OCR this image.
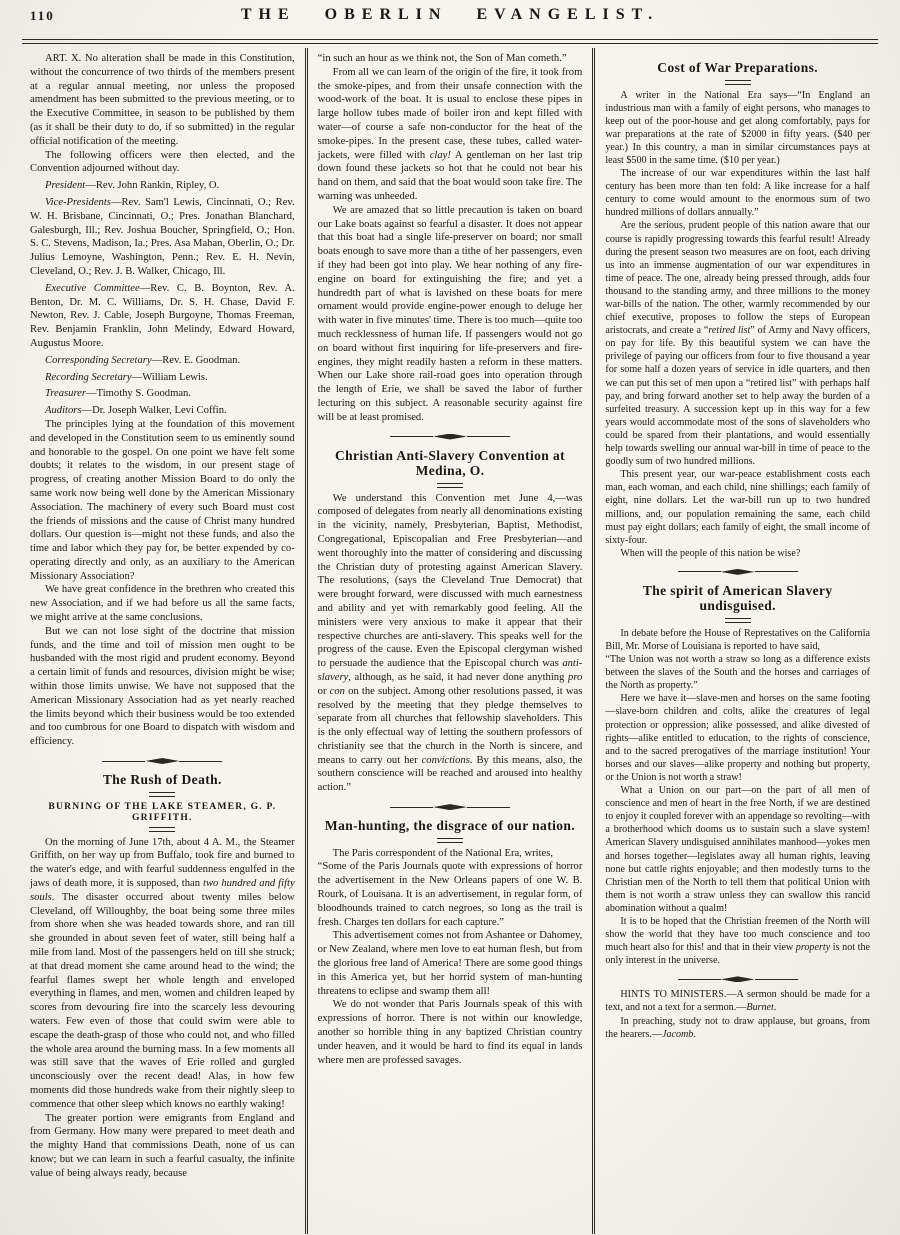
110	THE OBERLIN EVANGELIST.

ART. X. No alteration shall be made in this Constitution, without the concurrence of two thirds of the members present at a regular annual meeting, nor unless the proposed amendment has been submitted to the previous meeting, or to the Executive Committee, in season to be published by them (as it shall be their duty to do, if so submitted) in the regular official notification of the meeting.

The following officers were then elected, and the Convention adjourned without day.

President—Rev. John Rankin, Ripley, O.

Vice-Presidents—Rev. Sam'l Lewis, Cincinnati, O.; Rev. W. H. Brisbane, Cincinnati, O.; Pres. Jonathan Blanchard, Galesburgh, Ill.; Rev. Joshua Boucher, Springfield, O.; Hon. S. C. Stevens, Madison, Ia.; Pres. Asa Mahan, Oberlin, O.; Dr. Julius Lemoyne, Washington, Penn.; Rev. E. H. Nevin, Cleveland, O.; Rev. J. B. Walker, Chicago, Ill.

Executive Committee—Rev. C. B. Boynton, Rev. A. Benton, Dr. M. C. Williams, Dr. S. H. Chase, David F. Newton, Rev. J. Cable, Joseph Burgoyne, Thomas Freeman, Rev. Benjamin Franklin, John Melindy, Edward Howard, Augustus Moore.

Corresponding Secretary—Rev. E. Goodman.

Recording Secretary—William Lewis.

Treasurer—Timothy S. Goodman.

Auditors—Dr. Joseph Walker, Levi Coffin.

The principles lying at the foundation of this movement and developed in the Constitution seem to us eminently sound and honorable to the gospel. On one point we have felt some doubts; it relates to the wisdom, in our present stage of progress, of creating another Mission Board to do only the same work now being well done by the American Missionary Association. The machinery of every such Board must cost the friends of missions and the cause of Christ many hundred dollars. Our question is—might not these funds, and also the time and labor which they pay for, be better expended by co-operating directly and only, as an auxiliary to the American Missionary Association?

We have great confidence in the brethren who created this new Association, and if we had before us all the same facts, we might arrive at the same conclusions.

But we can not lose sight of the doctrine that mission funds, and the time and toil of mission men ought to be husbanded with the most rigid and prudent economy. Beyond a certain limit of funds and resources, division might be wise; within those limits unwise. We have not supposed that the American Missionary Association had as yet nearly reached the limits beyond which their business would be too extended and too cumbrous for one Board to dispatch with wisdom and efficiency.

The Rush of Death.
BURNING OF THE LAKE STEAMER, G. P. GRIFFITH.

On the morning of June 17th, about 4 A. M., the Steamer Griffith, on her way up from Buffalo, took fire and burned to the water's edge, and with fearful suddenness engulfed in the jaws of death more, it is supposed, than two hundred and fifty souls. The disaster occurred about twenty miles below Cleveland, off Willoughby, the boat being some three miles from shore when she was headed towards shore, and ran till she grounded in about seven feet of water, still being half a mile from land. Most of the passengers held on till she struck; at that dread moment she came around head to the wind; the fearful flames swept her whole length and enveloped everything in flames, and men, women and children leaped by scores from devouring fire into the scarcely less devouring waters. Few even of those that could swim were able to escape the death-grasp of those who could not, and who filled the whole area around the burning mass. In a few moments all was still save that the waves of Erie rolled and gurgled unconsciously over the recent dead! Alas, in how few moments did those hundreds wake from their nightly sleep to commence that other sleep which knows no earthly waking!

The greater portion were emigrants from England and from Germany. How many were prepared to meet death and the mighty Hand that commissions Death, none of us can know; but we can learn in such a fearful casualty, the infinite value of being always ready, because

“in such an hour as we think not, the Son of Man cometh.”

From all we can learn of the origin of the fire, it took from the smoke-pipes, and from their unsafe connection with the wood-work of the boat. It is usual to enclose these pipes in large hollow tubes made of boiler iron and kept filled with water—of course a safe non-conductor for the heat of the smoke-pipes. In the present case, these tubes, called water-jackets, were filled with clay! A gentleman on her last trip down found these jackets so hot that he could not bear his hand on them, and said that the boat would soon take fire. The warning was unheeded.

We are amazed that so little precaution is taken on board our Lake boats against so fearful a disaster. It does not appear that this boat had a single life-preserver on board; nor small boats enough to save more than a tithe of her passengers, even if they had been got into play. We hear nothing of any fire-engine on board for extinguishing the fire; and yet a hundredth part of what is lavished on these boats for mere ornament would provide engine-power enough to deluge her with water in five minutes' time. There is too much—quite too much recklessness of human life. If passengers would not go on board without first inquiring for life-preservers and fire-engines, they might readily hasten a reform in these matters. When our Lake shore rail-road goes into operation through the length of Erie, we shall be saved the labor of further lecturing on this subject. A reasonable security against fire will be at least promised.

Christian Anti-Slavery Convention at Medina, O.

We understand this Convention met June 4,—was composed of delegates from nearly all denominations existing in the vicinity, namely, Presbyterian, Baptist, Methodist, Congregational, Episcopalian and Free Presbyterian—and went thoroughly into the matter of considering and discussing the Christian duty of protesting against American Slavery. The resolutions, (says the Cleveland True Democrat) that were brought forward, were discussed with much earnestness and ability and yet with remarkably good feeling. All the ministers were very anxious to make it appear that their respective churches are anti-slavery. This speaks well for the progress of the cause. Even the Episcopal clergyman wished to persuade the audience that the Episcopal church was anti-slavery, although, as he said, it had never done anything pro or con on the subject. Among other resolutions passed, it was resolved by the meeting that they pledge themselves to separate from all churches that fellowship slaveholders. This is the only effectual way of letting the southern professors of christianity see that the church in the North is sincere, and means to carry out her convictions. By this means, also, the southern conscience will be reached and aroused into healthy action.”

Man-hunting, the disgrace of our nation.

The Paris correspondent of the National Era, writes,

“Some of the Paris Journals quote with expressions of horror the advertisement in the New Orleans papers of one W. B. Rourk, of Louisana. It is an advertisement, in regular form, of bloodhounds trained to catch negroes, so long as the trail is fresh. Charges ten dollars for each capture.”

This advertisement comes not from Ashantee or Dahomey, or New Zealand, where men love to eat human flesh, but from the glorious free land of America! There are some good things in this America yet, but her horrid system of man-hunting threatens to eclipse and swamp them all!

We do not wonder that Paris Journals speak of this with expressions of horror. There is not within our knowledge, another so horrible thing in any baptized Christian country under heaven, and it would be hard to find its equal in lands where men are professed savages.

Cost of War Preparations.

A writer in the National Era says—“In England an industrious man with a family of eight persons, who manages to keep out of the poor-house and get along comfortably, pays for war preparations at the rate of $2000 in fifty years. ($40 per year.) In this country, a man in similar circumstances pays at least $500 in the same time. ($10 per year.)

The increase of our war expenditures within the last half century has been more than ten fold: A like increase for a half century to come would amount to the enormous sum of two hundred millions of dollars annually.”

Are the serious, prudent people of this nation aware that our course is rapidly progressing towards this fearful result! Already during the present season two measures are on foot, each driving us into an immense augmentation of our war expenditures in time of peace. The one, already being pressed through, adds four thousand to the standing army, and three millions to the money war-bills of the nation. The other, warmly recommended by our chief executive, proposes to follow the steps of European aristocrats, and create a “retired list” of Army and Navy officers, on pay for life. By this beautiful system we can have the privilege of paying our officers from four to five thousand a year for some half a dozen years of service in idle quarters, and then we can put this set of men upon a “retired list” with perhaps half pay, and bring forward another set to help away the burden of a surfeited treasury. A succession kept up in this way for a few years would accommodate most of the sons of slaveholders who could be spared from their plantations, and would essentially help towards swelling our annual war-bill in time of peace to the goodly sum of two hundred millions.

This present year, our war-peace establishment costs each man, each woman, and each child, nine shillings; each family of eight, nine dollars. Let the war-bill run up to two hundred millions, and, our population remaining the same, each child must pay eight dollars; each family of eight, the small income of sixty-four.

When will the people of this nation be wise?

The spirit of American Slavery undisguised.

In debate before the House of Represtatives on the California Bill, Mr. Morse of Louisiana is reported to have said,

“The Union was not worth a straw so long as a difference exists between the slaves of the South and the horses and carriages of the North as property.”

Here we have it—slave-men and horses on the same footing—slave-born children and colts, alike the creatures of legal protection or oppression; alike possessed, and alike divested of rights—alike entitled to education, to the rights of conscience, and to the sacred prerogatives of the marriage institution! Your horses and our slaves—alike property and nothing but property, or the Union is not worth a straw!

What a Union on our part—on the part of all men of conscience and men of heart in the free North, if we are destined to enjoy it coupled forever with an appendage so revolting—with a brotherhood which dooms us to sustain such a slave system! American Slavery undisguised annihilates manhood—yokes men and horses together—legislates away all human rights, leaving none but cattle rights enjoyable; and then modestly turns to the Christian men of the North to tell them that political Union with them is not worth a straw unless they can swallow this rancid abomination without a qualm!

It is to be hoped that the Christian freemen of the North will show the world that they have too much conscience and too much heart also for this! and that in their view property is not the only interest in the universe.

HINTS TO MINISTERS.—A sermon should be made for a text, and not a text for a sermon.—Burnet.

In preaching, study not to draw applause, but groans, from the hearers.—Jacomb.
